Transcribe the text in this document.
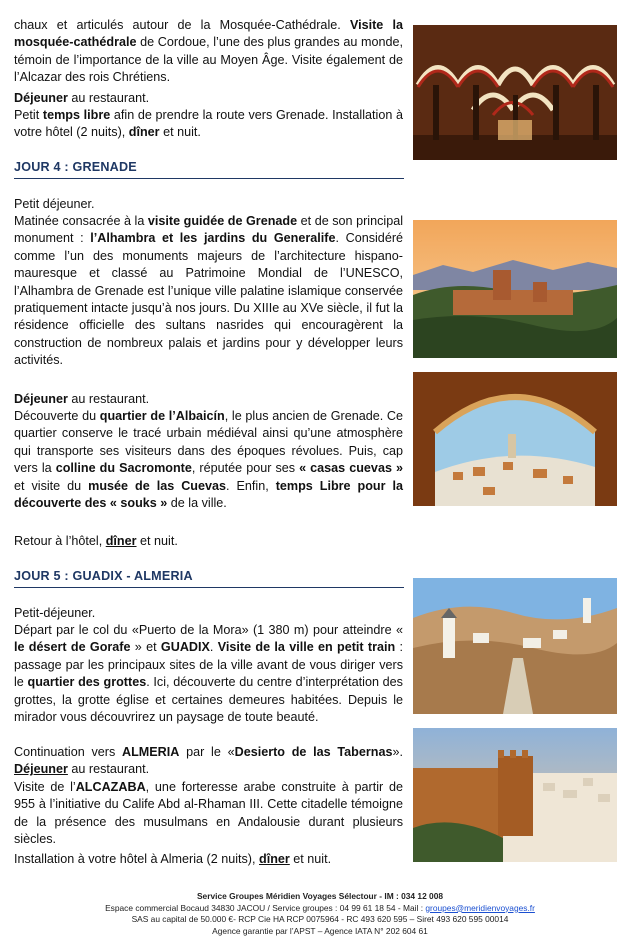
chaux et articulés autour de la Mosquée-Cathédrale. Visite la mosquée-cathédrale de Cordoue, l’une des plus grandes au monde, témoin de l’importance de la ville au Moyen Âge. Visite également de l’Alcazar des rois Chrétiens.

Déjeuner au restaurant.

Petit temps libre afin de prendre la route vers Grenade. Installation à votre hôtel (2 nuits), dîner et nuit.

JOUR 4 : GRENADE

Petit déjeuner.

Matinée consacrée à la visite guidée de Grenade et de son principal monument : l’Alhambra et les jardins du Generalife. Considéré comme l’un des monuments majeurs de l’architecture hispano-mauresque et classé au Patrimoine Mondial de l’UNESCO, l’Alhambra de Grenade est l’unique ville palatine islamique conservée pratiquement intacte jusqu’à nos jours. Du XIIIe au XVe siècle, il fut la résidence officielle des sultans nasrides qui encouragèrent la construction de nombreux palais et jardins pour y développer leurs activités.

Déjeuner au restaurant.

Découverte du quartier de l’Albaicín, le plus ancien de Grenade. Ce quartier conserve le tracé urbain médiéval ainsi qu’une atmosphère qui transporte ses visiteurs dans des époques révolues. Puis, cap vers la colline du Sacromonte, réputée pour ses « casas cuevas » et visite du musée de las Cuevas. Enfin, temps Libre pour la découverte des « souks » de la ville.

Retour à l’hôtel, dîner et nuit.

JOUR 5 : GUADIX - ALMERIA

Petit-déjeuner.

Départ par le col du «Puerto de la Mora» (1 380 m) pour atteindre « le désert de Gorafe » et GUADIX. Visite de la ville en petit train : passage par les principaux sites de la ville avant de vous diriger vers le quartier des grottes. Ici, découverte du centre d’interprétation des grottes, la grotte église et certaines demeures habitées. Depuis le mirador vous découvrirez un paysage de toute beauté.

Continuation vers ALMERIA par le «Desierto de las Tabernas». Déjeuner au restaurant.

Visite de l’ALCAZABA, une forteresse arabe construite à partir de 955 à l’initiative du Calife Abd al-Rhaman III. Cette citadelle témoigne de la présence des musulmans en Andalousie durant plusieurs siècles.

Installation à votre hôtel à Almeria (2 nuits), dîner et nuit.

Service Groupes Méridien Voyages Sélectour - IM : 034 12 008
Espace commercial Bocaud 34830 JACOU / Service groupes : 04 99 61 18 54 - Mail : groupes@meridienvoyages.fr
SAS au capital de 50.000 €- RCP Cie HA RCP 0075964 - RC 493 620 595 – Siret 493 620 595 00014
Agence garantie par l’APST – Agence IATA N° 202 604 61
